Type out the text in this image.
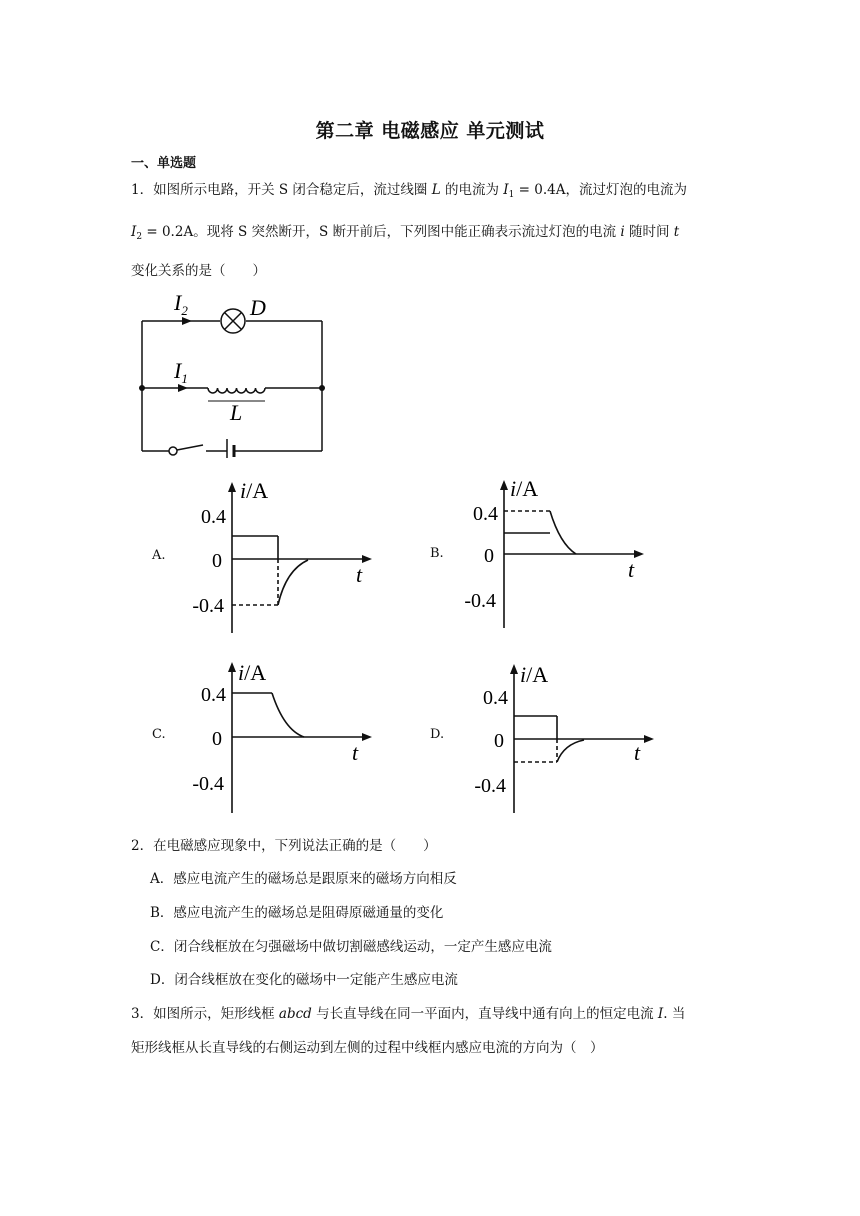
第二章 电磁感应 单元测试
一、单选题
1．如图所示电路，开关 S 闭合稳定后，流过线圈 L 的电流为 $I_1 = 0.4A$，流过灯泡的电流为
$I_2 = 0.2A$。现将 S 突然断开，S 断开前后，下列图中能正确表示流过灯泡的电流 i 随时间 t
变化关系的是（　　）
$I_2$	D
$I_1$
L
A.	B.
C.	D.
i/A
0.4
0
-0.4
t
i/A
0.4
0
-0.4
t
i/A
0.4
0
-0.4
t
i/A
0.4
0
-0.4
t
2．在电磁感应现象中，下列说法正确的是（　　）
A．感应电流产生的磁场总是跟原来的磁场方向相反
B．感应电流产生的磁场总是阻碍原磁通量的变化
C．闭合线框放在匀强磁场中做切割磁感线运动，一定产生感应电流
D．闭合线框放在变化的磁场中一定能产生感应电流
3．如图所示，矩形线框 abcd 与长直导线在同一平面内，直导线中通有向上的恒定电流 I. 当
矩形线框从长直导线的右侧运动到左侧的过程中线框内感应电流的方向为（　）
